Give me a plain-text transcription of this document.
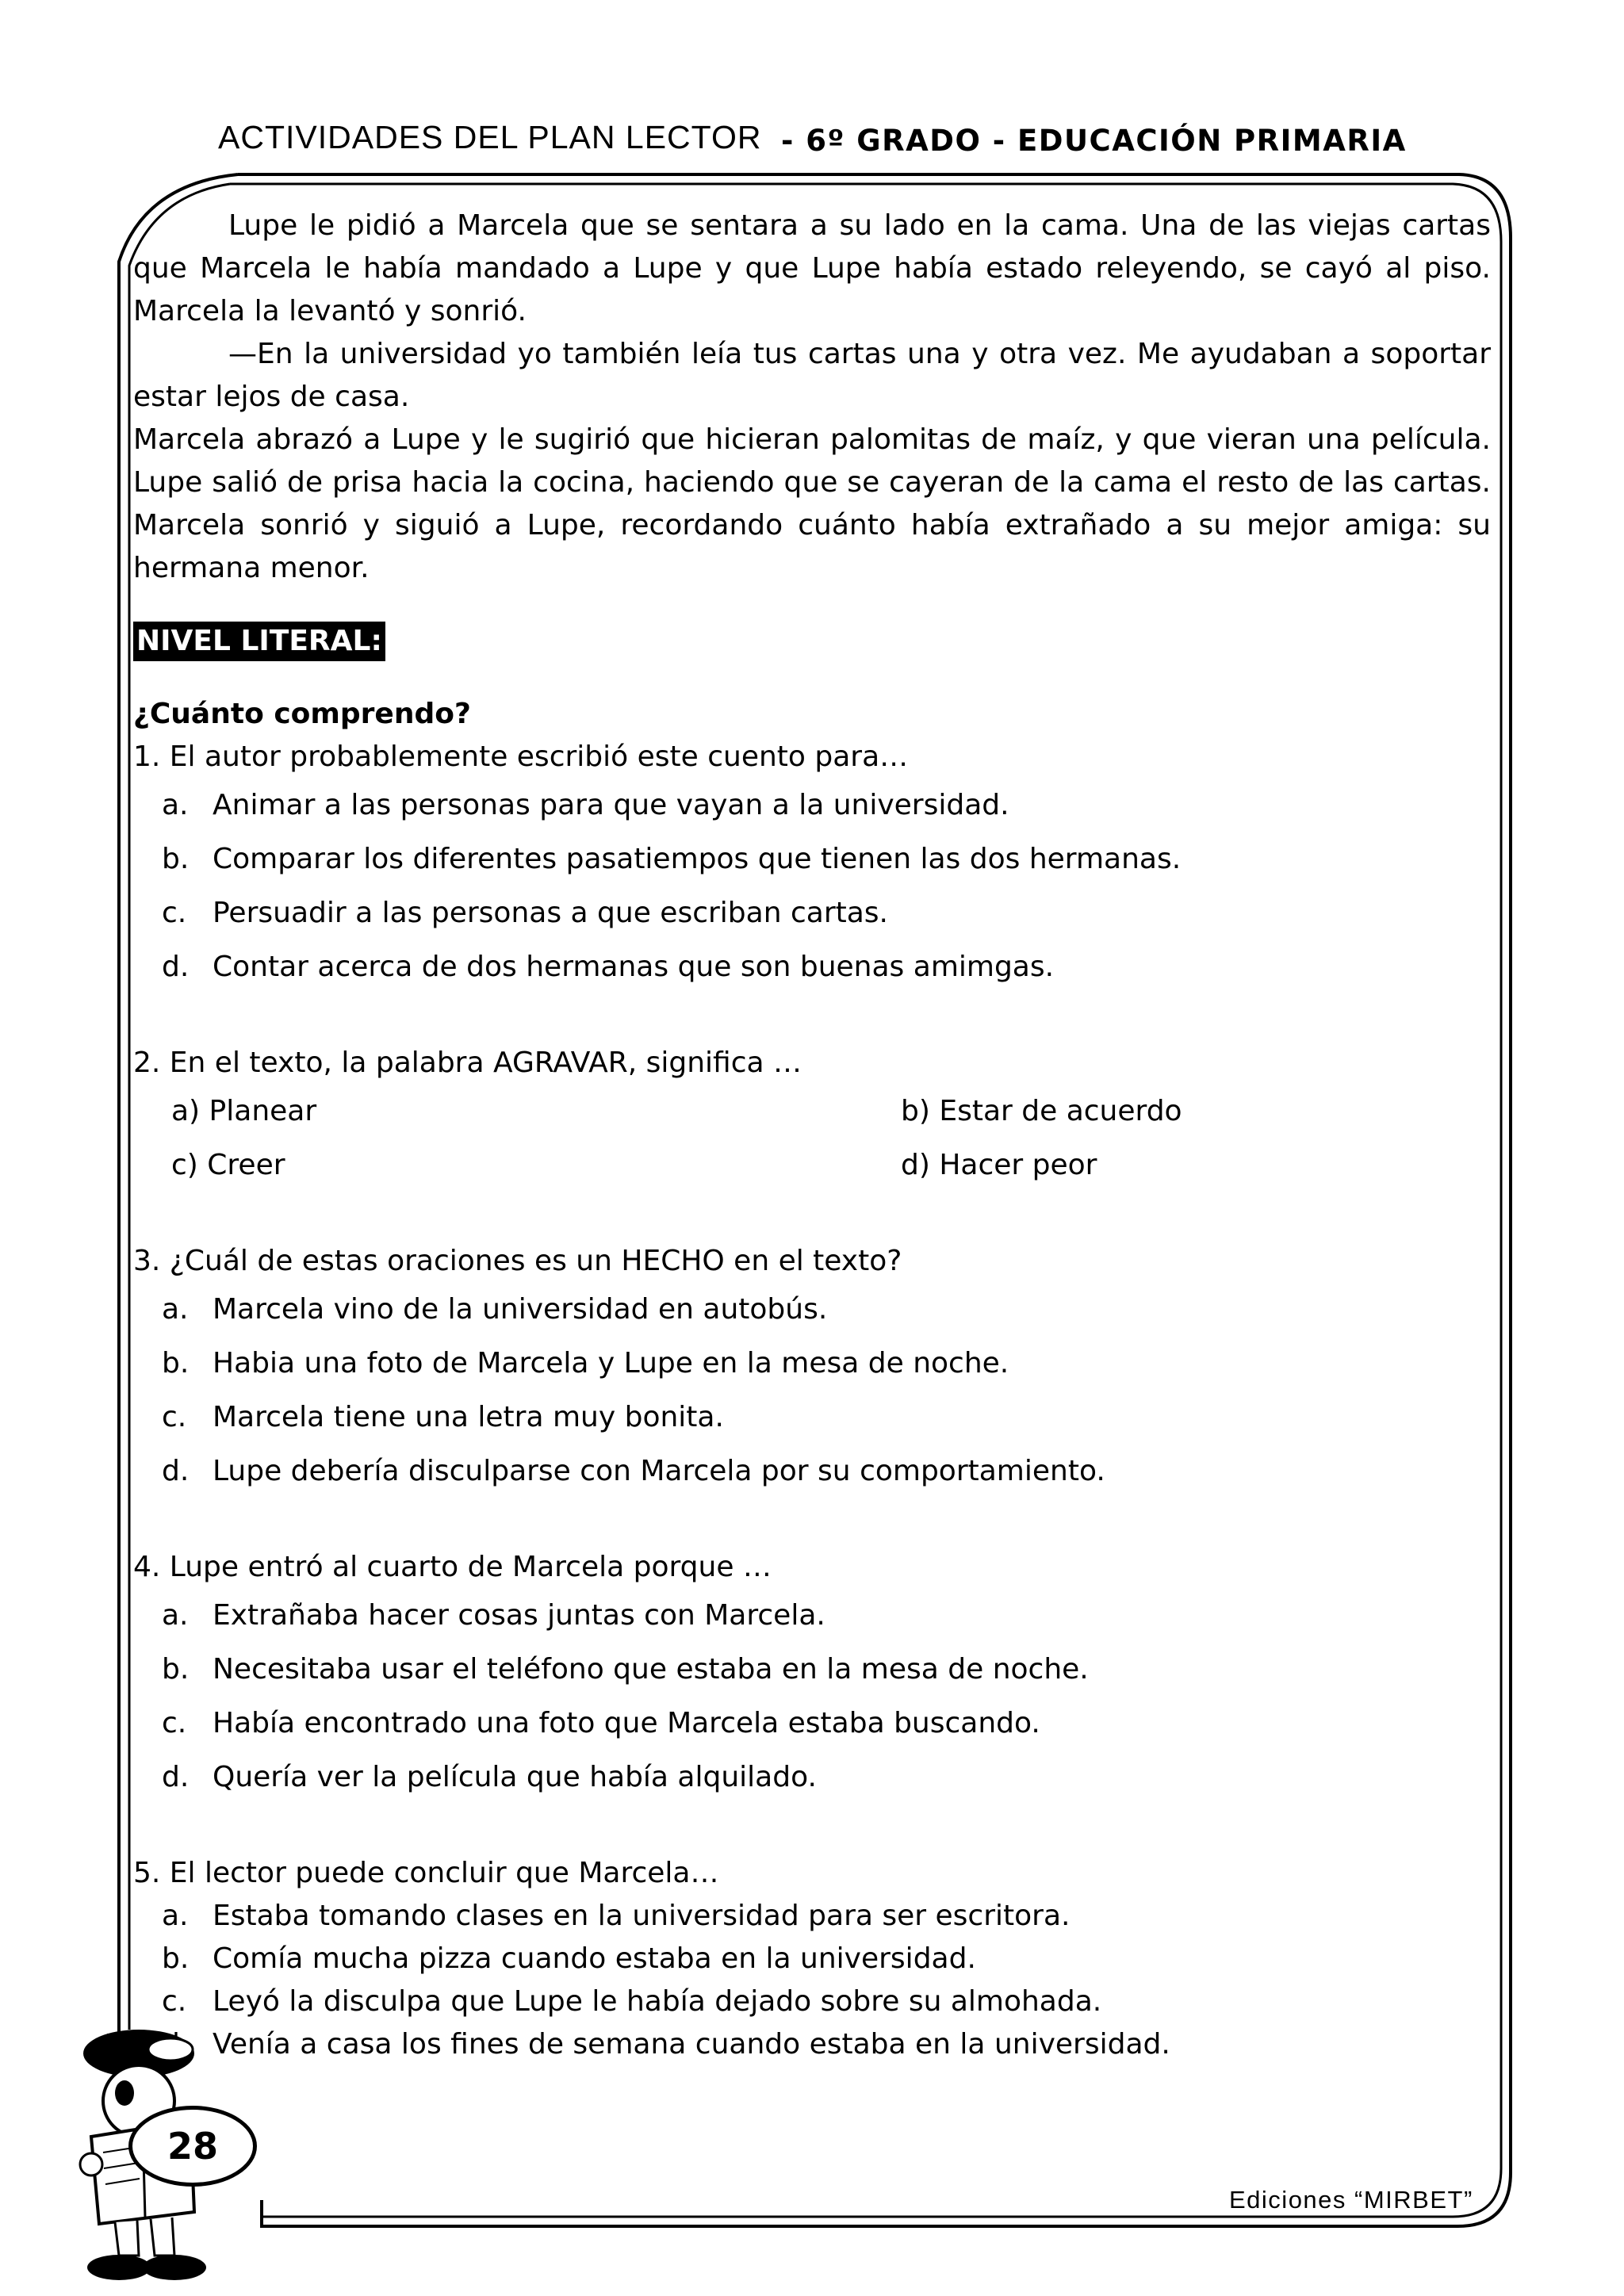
ACTIVIDADES DEL PLAN LECTOR - 6º GRADO - EDUCACIÓN PRIMARIA

Lupe le pidió a Marcela que se sentara a su lado en la cama. Una de las viejas cartas que Marcela le había mandado a Lupe y que Lupe había estado releyendo, se cayó al piso. Marcela la levantó y sonrió.

—En la universidad yo también leía tus cartas una y otra vez. Me ayudaban a soportar estar lejos de casa.

Marcela abrazó a Lupe y le sugirió que hicieran palomitas de maíz, y que vieran una película. Lupe salió de prisa hacia la cocina, haciendo que se cayeran de la cama el resto de las cartas. Marcela sonrió y siguió a Lupe, recordando cuánto había extrañado a su mejor amiga: su hermana menor.

NIVEL LITERAL:

¿Cuánto comprendo?

1. El autor probablemente escribió este cuento para…

a. Animar a las personas para que vayan a la universidad.
b. Comparar los diferentes pasatiempos que tienen las dos hermanas.
c. Persuadir a las personas a que escriban cartas.
d. Contar acerca de dos hermanas que son buenas amimgas.

2. En el texto, la palabra AGRAVAR, significa …

a) Planear	b) Estar de acuerdo
c) Creer	d) Hacer peor

3. ¿Cuál de estas oraciones es un HECHO en el texto?

a. Marcela vino de la universidad en autobús.
b. Habia una foto de Marcela y Lupe en la mesa de noche.
c. Marcela tiene una letra muy bonita.
d. Lupe debería disculparse con Marcela por su comportamiento.

4. Lupe entró al cuarto de Marcela porque …

a. Extrañaba hacer cosas juntas con Marcela.
b. Necesitaba usar el teléfono que estaba en la mesa de noche.
c. Había encontrado una foto que Marcela estaba buscando.
d. Quería ver la película que había alquilado.

5. El lector puede concluir que Marcela…

a. Estaba tomando clases en la universidad para ser escritora.
b. Comía mucha pizza cuando estaba en la universidad.
c. Leyó la disculpa que Lupe le había dejado sobre su almohada.
Venía a casa los fines de semana cuando estaba en la universidad.
28
Ediciones “MIRBET”
